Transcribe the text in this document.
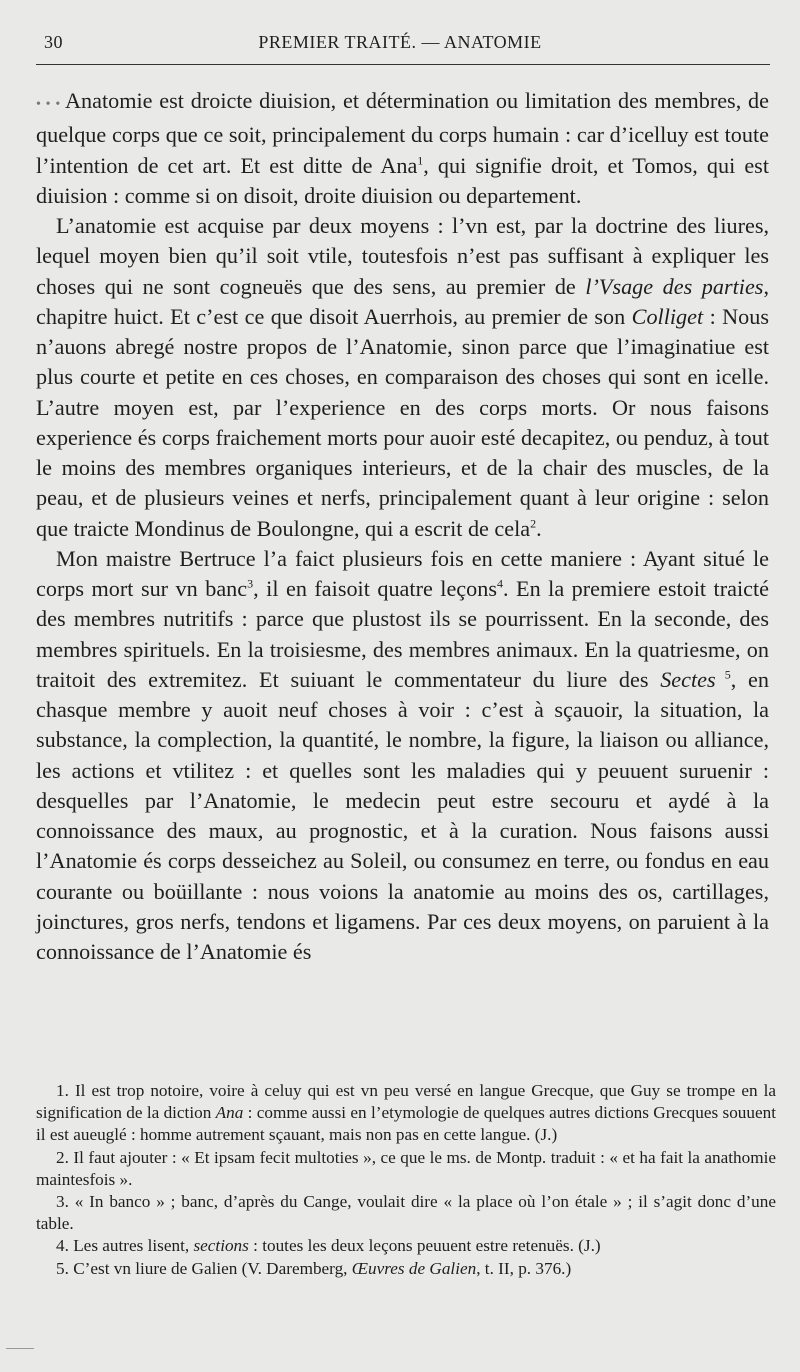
30	PREMIER TRAITÉ. — ANATOMIE

• • • Anatomie est droicte diuision, et détermination ou limitation des membres, de quelque corps que ce soit, principalement du corps humain : car d’icelluy est toute l’intention de cet art. Et est ditte de Ana$^1$, qui signifie droit, et Tomos, qui est diuision : comme si on disoit, droite diuision ou departement.

L’anatomie est acquise par deux moyens : l’vn est, par la doctrine des liures, lequel moyen bien qu’il soit vtile, toutesfois n’est pas suffisant à expliquer les choses qui ne sont cogneuës que des sens, au premier de l’Vsage des parties, chapitre huict. Et c’est ce que disoit Auerrhois, au premier de son Colliget : Nous n’auons abregé nostre propos de l’Anatomie, sinon parce que l’imaginatiue est plus courte et petite en ces choses, en comparaison des choses qui sont en icelle. L’autre moyen est, par l’experience en des corps morts. Or nous faisons experience és corps fraichement morts pour auoir esté decapitez, ou penduz, à tout le moins des membres organiques interieurs, et de la chair des muscles, de la peau, et de plusieurs veines et nerfs, principalement quant à leur origine : selon que traicte Mondinus de Boulongne, qui a escrit de cela$^2$.

Mon maistre Bertruce l’a faict plusieurs fois en cette maniere : Ayant situé le corps mort sur vn banc$^3$, il en faisoit quatre leçons$^4$. En la premiere estoit traicté des membres nutritifs : parce que plustost ils se pourrissent. En la seconde, des membres spirituels. En la troisiesme, des membres animaux. En la quatriesme, on traitoit des extremitez. Et suiuant le commentateur du liure des Sectes $^5$, en chasque membre y auoit neuf choses à voir : c’est à sçauoir, la situation, la substance, la complection, la quantité, le nombre, la figure, la liaison ou alliance, les actions et vtilitez : et quelles sont les maladies qui y peuuent suruenir : desquelles par l’Anatomie, le medecin peut estre secouru et aydé à la connoissance des maux, au prognostic, et à la curation. Nous faisons aussi l’Anatomie és corps desseichez au Soleil, ou consumez en terre, ou fondus en eau courante ou boüillante : nous voions la anatomie au moins des os, cartillages, joinctures, gros nerfs, tendons et ligamens. Par ces deux moyens, on paruient à la connoissance de l’Anatomie és

1. Il est trop notoire, voire à celuy qui est vn peu versé en langue Grecque, que Guy se trompe en la signification de la diction Ana : comme aussi en l’etymologie de quelques autres dictions Grecques souuent il est aueuglé : homme autrement sçauant, mais non pas en cette langue. (J.)

2. Il faut ajouter : « Et ipsam fecit multoties », ce que le ms. de Montp. traduit : « et ha fait la anathomie maintesfois ».

3. « In banco » ; banc, d’après du Cange, voulait dire « la place où l’on étale » ; il s’agit donc d’une table.

4. Les autres lisent, sections : toutes les deux leçons peuuent estre retenuës. (J.)

5. C’est vn liure de Galien (V. Daremberg, Œuvres de Galien, t. II, p. 376.)
